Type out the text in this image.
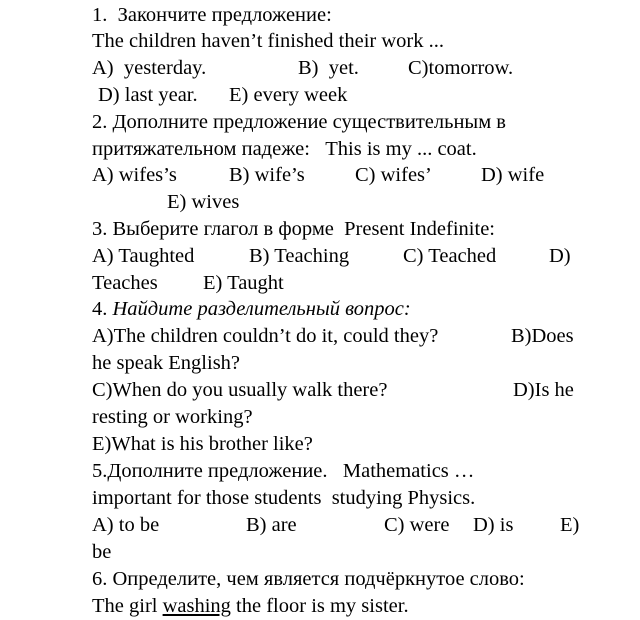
1.  Закончите предложение:
The children haven’t finished their work ...
A)  yesterday.	B)  yet. C)tomorrow.
D) last year. E) every week
2. Дополните предложение существительным в
притяжательном падеже:   This is my ... coat.
A) wifes’s	B) wife’s C) wifes’ D) wife
E) wives
3. Выберите глагол в форме  Present Indefinite:
A) Taughted	B) Teaching	C) Teached	D)
Teaches E) Taught
4. Найдите разделительный вопрос:
A)The children couldn’t do it, could they?	B)Does
he speak English?
C)When do you usually walk there?	D)Is he
resting or working?
E)What is his brother like?
5.Дополните предложение.   Mathematics …
important for those students  studying Physics.
A) to be	B) are	C) were D) is E)
be
6. Определите, чем является подчёркнутое слово:
The girl washing the floor is my sister.
